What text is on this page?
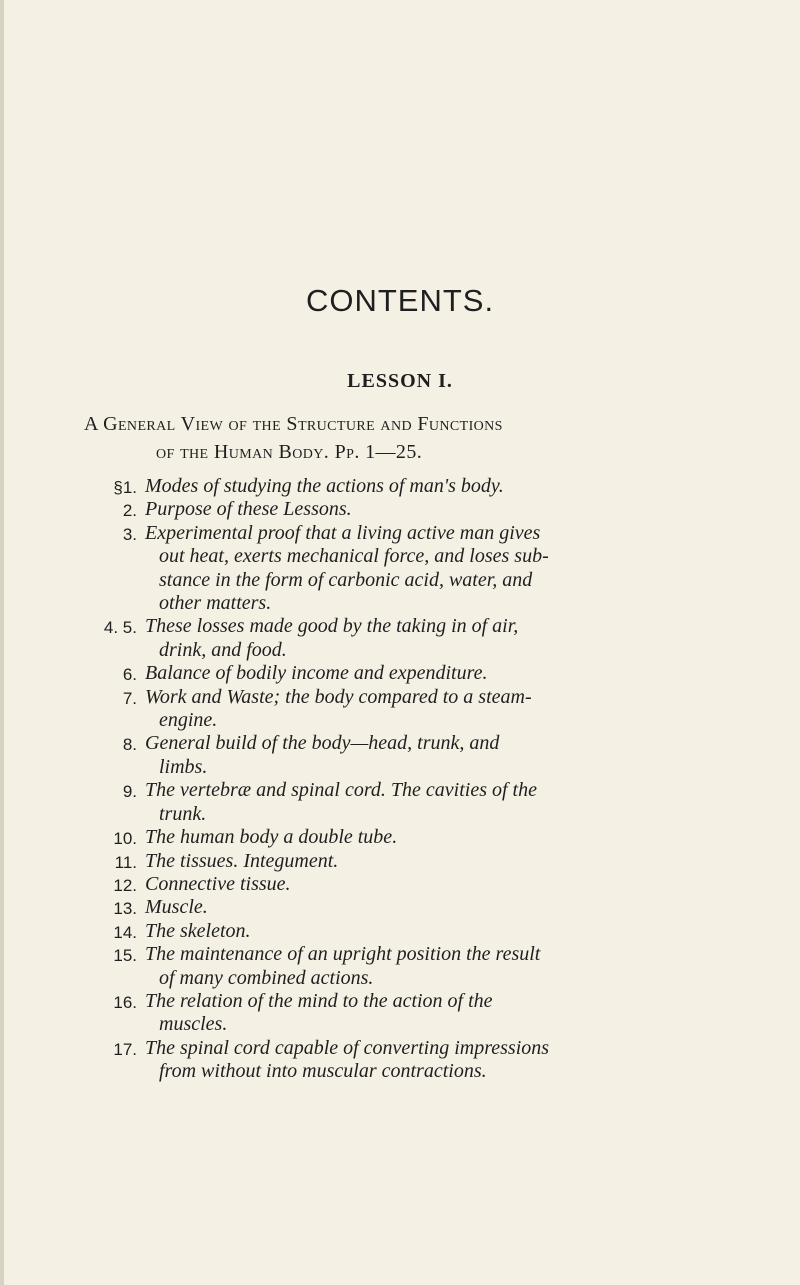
CONTENTS.
LESSON I.

A General View of the Structure and Functions
of the Human Body. Pp. 1—25.

§1. Modes of studying the actions of man's body.
2. Purpose of these Lessons.
3. Experimental proof that a living active man gives
out heat, exerts mechanical force, and loses sub-
stance in the form of carbonic acid, water, and
other matters.
4. 5. These losses made good by the taking in of air,
drink, and food.
6. Balance of bodily income and expenditure.
7. Work and Waste; the body compared to a steam-
engine.
8. General build of the body—head, trunk, and
limbs.
9. The vertebræ and spinal cord. The cavities of the
trunk.
10. The human body a double tube.
11. The tissues. Integument.
12. Connective tissue.
13. Muscle.
14. The skeleton.
15. The maintenance of an upright position the result
of many combined actions.
16. The relation of the mind to the action of the
muscles.
17. The spinal cord capable of converting impressions
from without into muscular contractions.
